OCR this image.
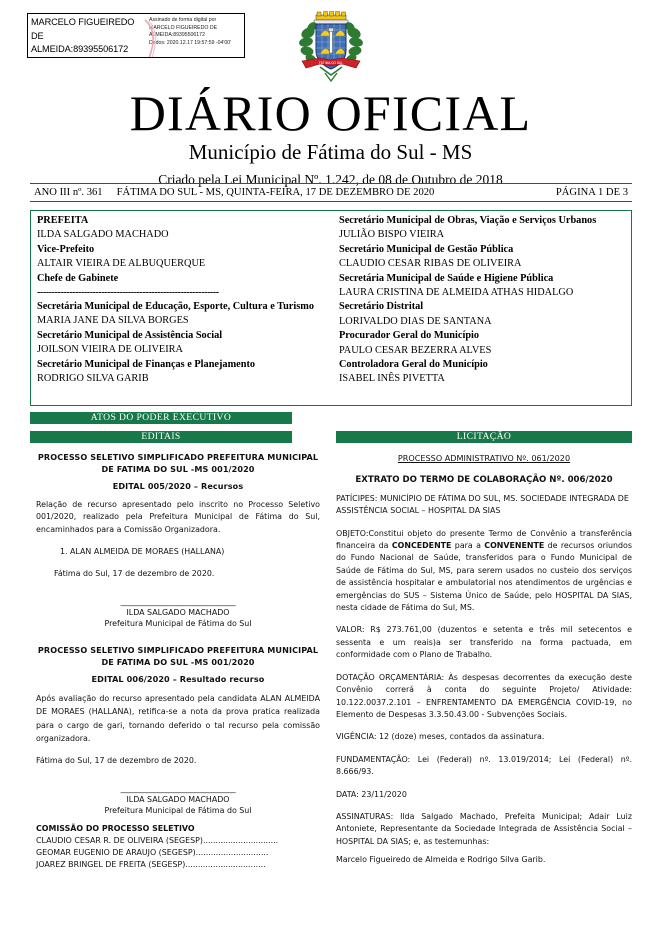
MARCELO FIGUEIREDO
DE
ALMEIDA:89395506172
Assinado de forma digital por
MARCELO FIGUEIREDO DE
ALMEIDA:89395506172
Dados: 2020.12.17 19:57:59 -04'00'
FÁTIMA DO SUL
DIÁRIO OFICIAL
Município de Fátima do Sul - MS
Criado pela Lei Municipal Nº. 1.242, de 08 de Outubro de 2018
ANO III nº. 361	FÁTIMA DO SUL - MS, QUINTA-FEIRA, 17 DE DEZEMBRO DE 2020	PÁGINA 1 DE 3
PREFEITA
ILDA SALGADO MACHADO
Vice-Prefeito
ALTAIR VIEIRA DE ALBUQUERQUE
Chefe de Gabinete
--------------------------------------------------------------
Secretária Municipal de Educação, Esporte, Cultura e Turismo
MARIA JANE DA SILVA BORGES
Secretário Municipal de Assistência Social
JOILSON VIEIRA DE OLIVEIRA
Secretário Municipal de Finanças e Planejamento
RODRIGO SILVA GARIB
Secretário Municipal de Obras, Viação e Serviços Urbanos
JULIÃO BISPO VIEIRA
Secretário Municipal de Gestão Pública
CLAUDIO CESAR RIBAS DE OLIVEIRA
Secretária Municipal de Saúde e Higiene Pública
LAURA CRISTINA DE ALMEIDA ATHAS HIDALGO
Secretário Distrital
LORIVALDO DIAS DE SANTANA
Procurador Geral do Município
PAULO CESAR BEZERRA ALVES
Controladora Geral do Município
ISABEL INÊS PIVETTA
ATOS DO PODER EXECUTIVO
EDITAIS	LICITAÇÃO
PROCESSO SELETIVO SIMPLIFICADO PREFEITURA MUNICIPAL DE FATIMA DO SUL -MS 001/2020
EDITAL 005/2020 – Recursos
Relação de recurso apresentado pelo inscrito no Processo Seletivo 001/2020, realizado pela Prefeitura Municipal de Fátima do Sul, encaminhados para a Comissão Organizadora.
1. ALAN ALMEIDA DE MORAES (HALLANA)
Fátima do Sul, 17 de dezembro de 2020.
_______________________________
ILDA SALGADO MACHADO
Prefeitura Municipal de Fátima do Sul
PROCESSO SELETIVO SIMPLIFICADO PREFEITURA MUNICIPAL DE FATIMA DO SUL -MS 001/2020
EDITAL 006/2020 – Resultado recurso
Após avaliação do recurso apresentado pela candidata ALAN ALMEIDA DE MORAES (HALLANA), retifica-se a nota da prova pratica realizada para o cargo de gari, tornando deferido o tal recurso pela comissão organizadora.
Fátima do Sul, 17 de dezembro de 2020.
_______________________________
ILDA SALGADO MACHADO
Prefeitura Municipal de Fátima do Sul
COMISSÃO DO PROCESSO SELETIVO
CLAUDIO CESAR R. DE OLIVEIRA (SEGESP)..............................
GEOMAR EUGENIO DE ARAUJO (SEGESP).............................
JOAREZ BRINGEL DE FREITA (SEGESP)................................
PROCESSO ADMINISTRATIVO Nº. 061/2020
EXTRATO DO TERMO DE COLABORAÇÃO Nº. 006/2020
PATÍCIPES: MUNICÍPIO DE FÁTIMA DO SUL, MS. SOCIEDADE INTEGRADA DE ASSISTÊNCIA SOCIAL – HOSPITAL DA SIAS
OBJETO:Constitui objeto do presente Termo de Convênio a transferência financeira da CONCEDENTE para a CONVENENTE de recursos oriundos do Fundo Nacional de Saúde, transferidos para o Fundo Municipal de Saúde de Fátima do Sul, MS, para serem usados no custeio dos serviços de assistência hospitalar e ambulatorial nos atendimentos de urgências e emergências do SUS – Sistema Único de Saúde, pelo HOSPITAL DA SIAS, nesta cidade de Fátima do Sul, MS.
VALOR: R$ 273.761,00 (duzentos e setenta e três mil setecentos e sessenta e um reais)a ser transferido na forma pactuada, em conformidade com o Plano de Trabalho.
DOTAÇÃO ORÇAMENTÁRIA: Às despesas decorrentes da execução deste Convênio correrá à conta do seguinte Projeto/ Atividade: 10.122.0037.2.101 – ENFRENTAMENTO DA EMERGÊNCIA COVID-19, no Elemento de Despesas 3.3.50.43.00 - Subvenções Sociais.
VIGÊNCIA: 12 (doze) meses, contados da assinatura.
FUNDAMENTAÇÃO: Lei (Federal) nº. 13.019/2014; Lei (Federal) nº. 8.666/93.
DATA: 23/11/2020
ASSINATURAS: Ilda Salgado Machado, Prefeita Municipal; Adair Luiz Antoniete, Representante da Sociedade Integrada de Assistência Social – HOSPITAL DA SIAS; e, as testemunhas:
Marcelo Figueiredo de Almeida e Rodrigo Silva Garib.
